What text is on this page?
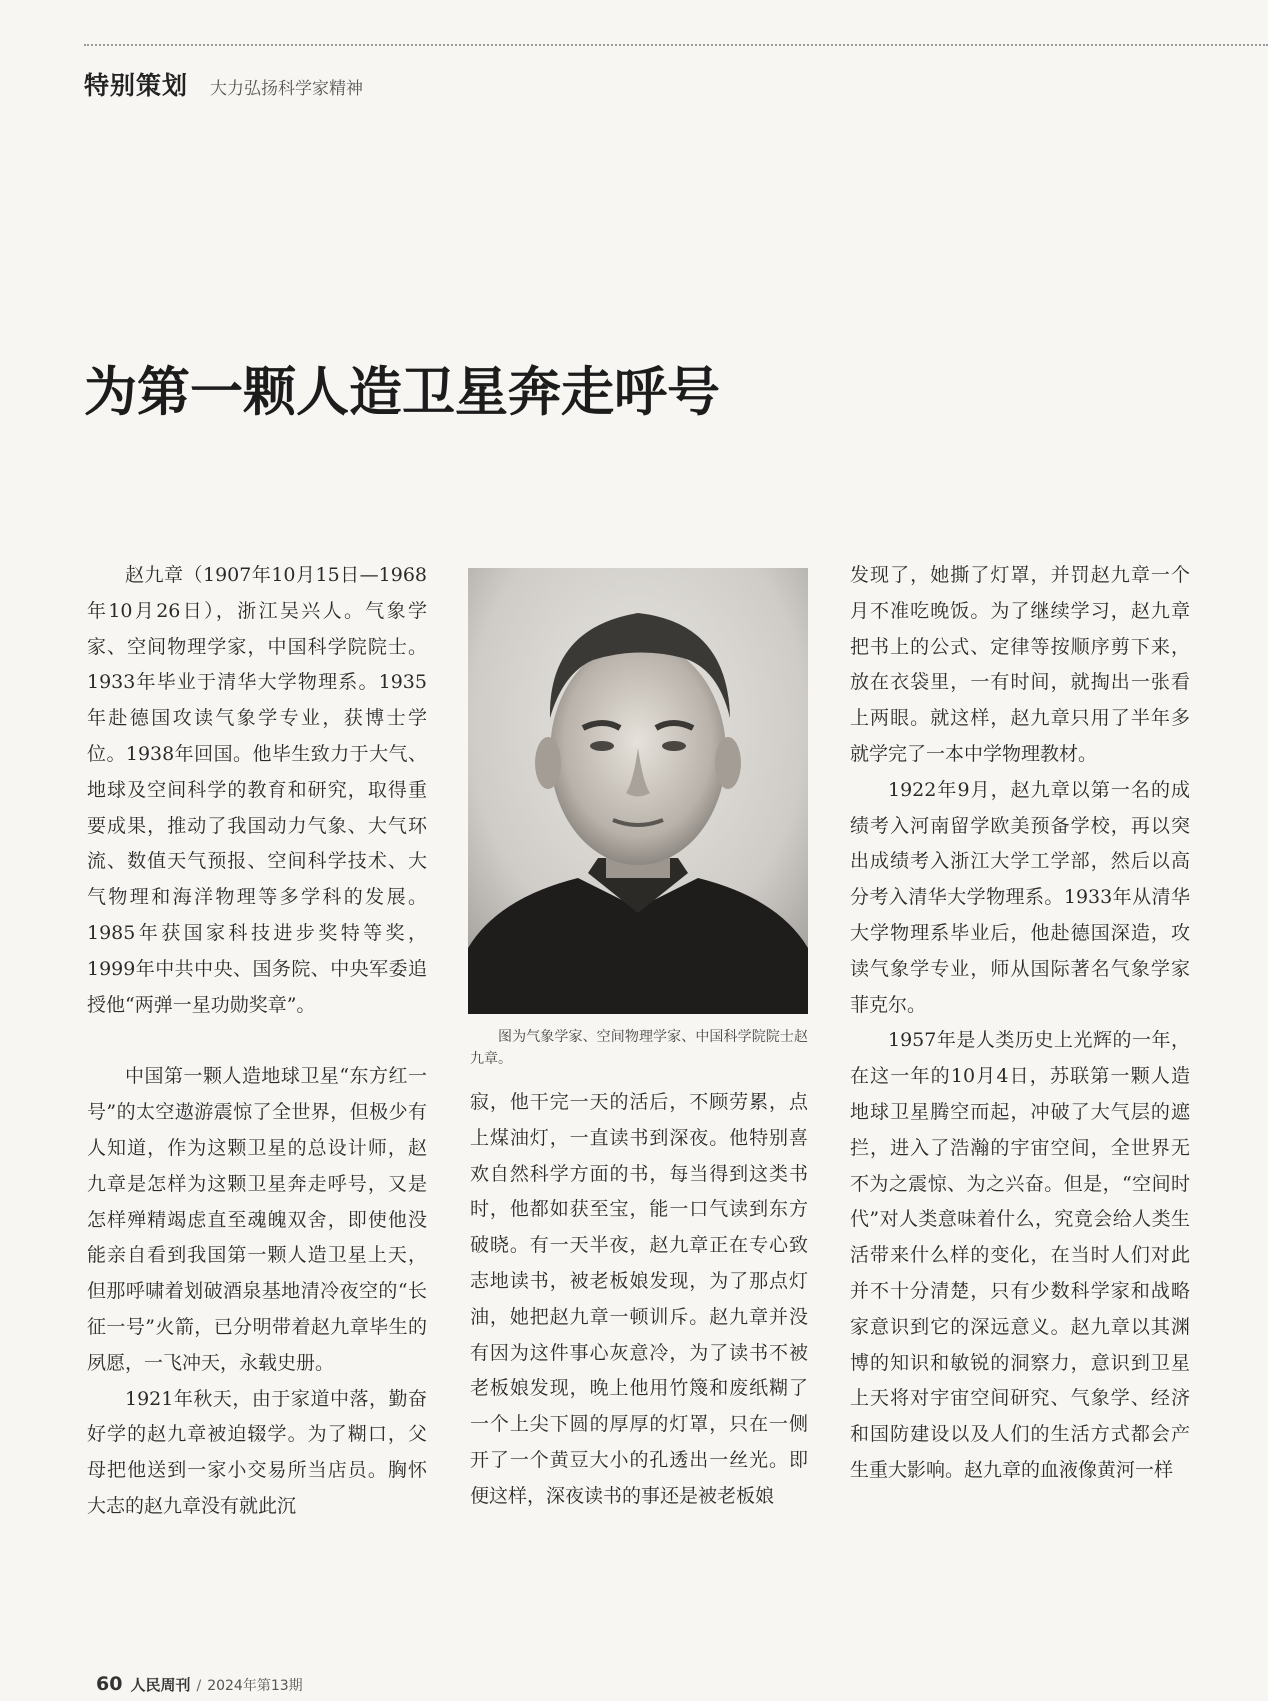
特别策划 大力弘扬科学家精神
为第一颗人造卫星奔走呼号

赵九章（1907年10月15日—1968年10月26日），浙江吴兴人。气象学家、空间物理学家，中国科学院院士。1933年毕业于清华大学物理系。1935年赴德国攻读气象学专业，获博士学位。1938年回国。他毕生致力于大气、地球及空间科学的教育和研究，取得重要成果，推动了我国动力气象、大气环流、数值天气预报、空间科学技术、大气物理和海洋物理等多学科的发展。1985年获国家科技进步奖特等奖，1999年中共中央、国务院、中央军委追授他“两弹一星功勋奖章”。

中国第一颗人造地球卫星“东方红一号”的太空遨游震惊了全世界，但极少有人知道，作为这颗卫星的总设计师，赵九章是怎样为这颗卫星奔走呼号，又是怎样殚精竭虑直至魂魄双舍，即使他没能亲自看到我国第一颗人造卫星上天，但那呼啸着划破酒泉基地清冷夜空的“长征一号”火箭，已分明带着赵九章毕生的夙愿，一飞冲天，永载史册。

1921年秋天，由于家道中落，勤奋好学的赵九章被迫辍学。为了糊口，父母把他送到一家小交易所当店员。胸怀大志的赵九章没有就此沉

图为气象学家、空间物理学家、中国科学院院士赵九章。

寂，他干完一天的活后，不顾劳累，点上煤油灯，一直读书到深夜。他特别喜欢自然科学方面的书，每当得到这类书时，他都如获至宝，能一口气读到东方破晓。有一天半夜，赵九章正在专心致志地读书，被老板娘发现，为了那点灯油，她把赵九章一顿训斥。赵九章并没有因为这件事心灰意冷，为了读书不被老板娘发现，晚上他用竹篾和废纸糊了一个上尖下圆的厚厚的灯罩，只在一侧开了一个黄豆大小的孔透出一丝光。即便这样，深夜读书的事还是被老板娘

发现了，她撕了灯罩，并罚赵九章一个月不准吃晚饭。为了继续学习，赵九章把书上的公式、定律等按顺序剪下来，放在衣袋里，一有时间，就掏出一张看上两眼。就这样，赵九章只用了半年多就学完了一本中学物理教材。

1922年9月，赵九章以第一名的成绩考入河南留学欧美预备学校，再以突出成绩考入浙江大学工学部，然后以高分考入清华大学物理系。1933年从清华大学物理系毕业后，他赴德国深造，攻读气象学专业，师从国际著名气象学家菲克尔。

1957年是人类历史上光辉的一年，在这一年的10月4日，苏联第一颗人造地球卫星腾空而起，冲破了大气层的遮拦，进入了浩瀚的宇宙空间，全世界无不为之震惊、为之兴奋。但是，“空间时代”对人类意味着什么，究竟会给人类生活带来什么样的变化，在当时人们对此并不十分清楚，只有少数科学家和战略家意识到它的深远意义。赵九章以其渊博的知识和敏锐的洞察力，意识到卫星上天将对宇宙空间研究、气象学、经济和国防建设以及人们的生活方式都会产生重大影响。赵九章的血液像黄河一样

60 人民周刊 / 2024年第13期
